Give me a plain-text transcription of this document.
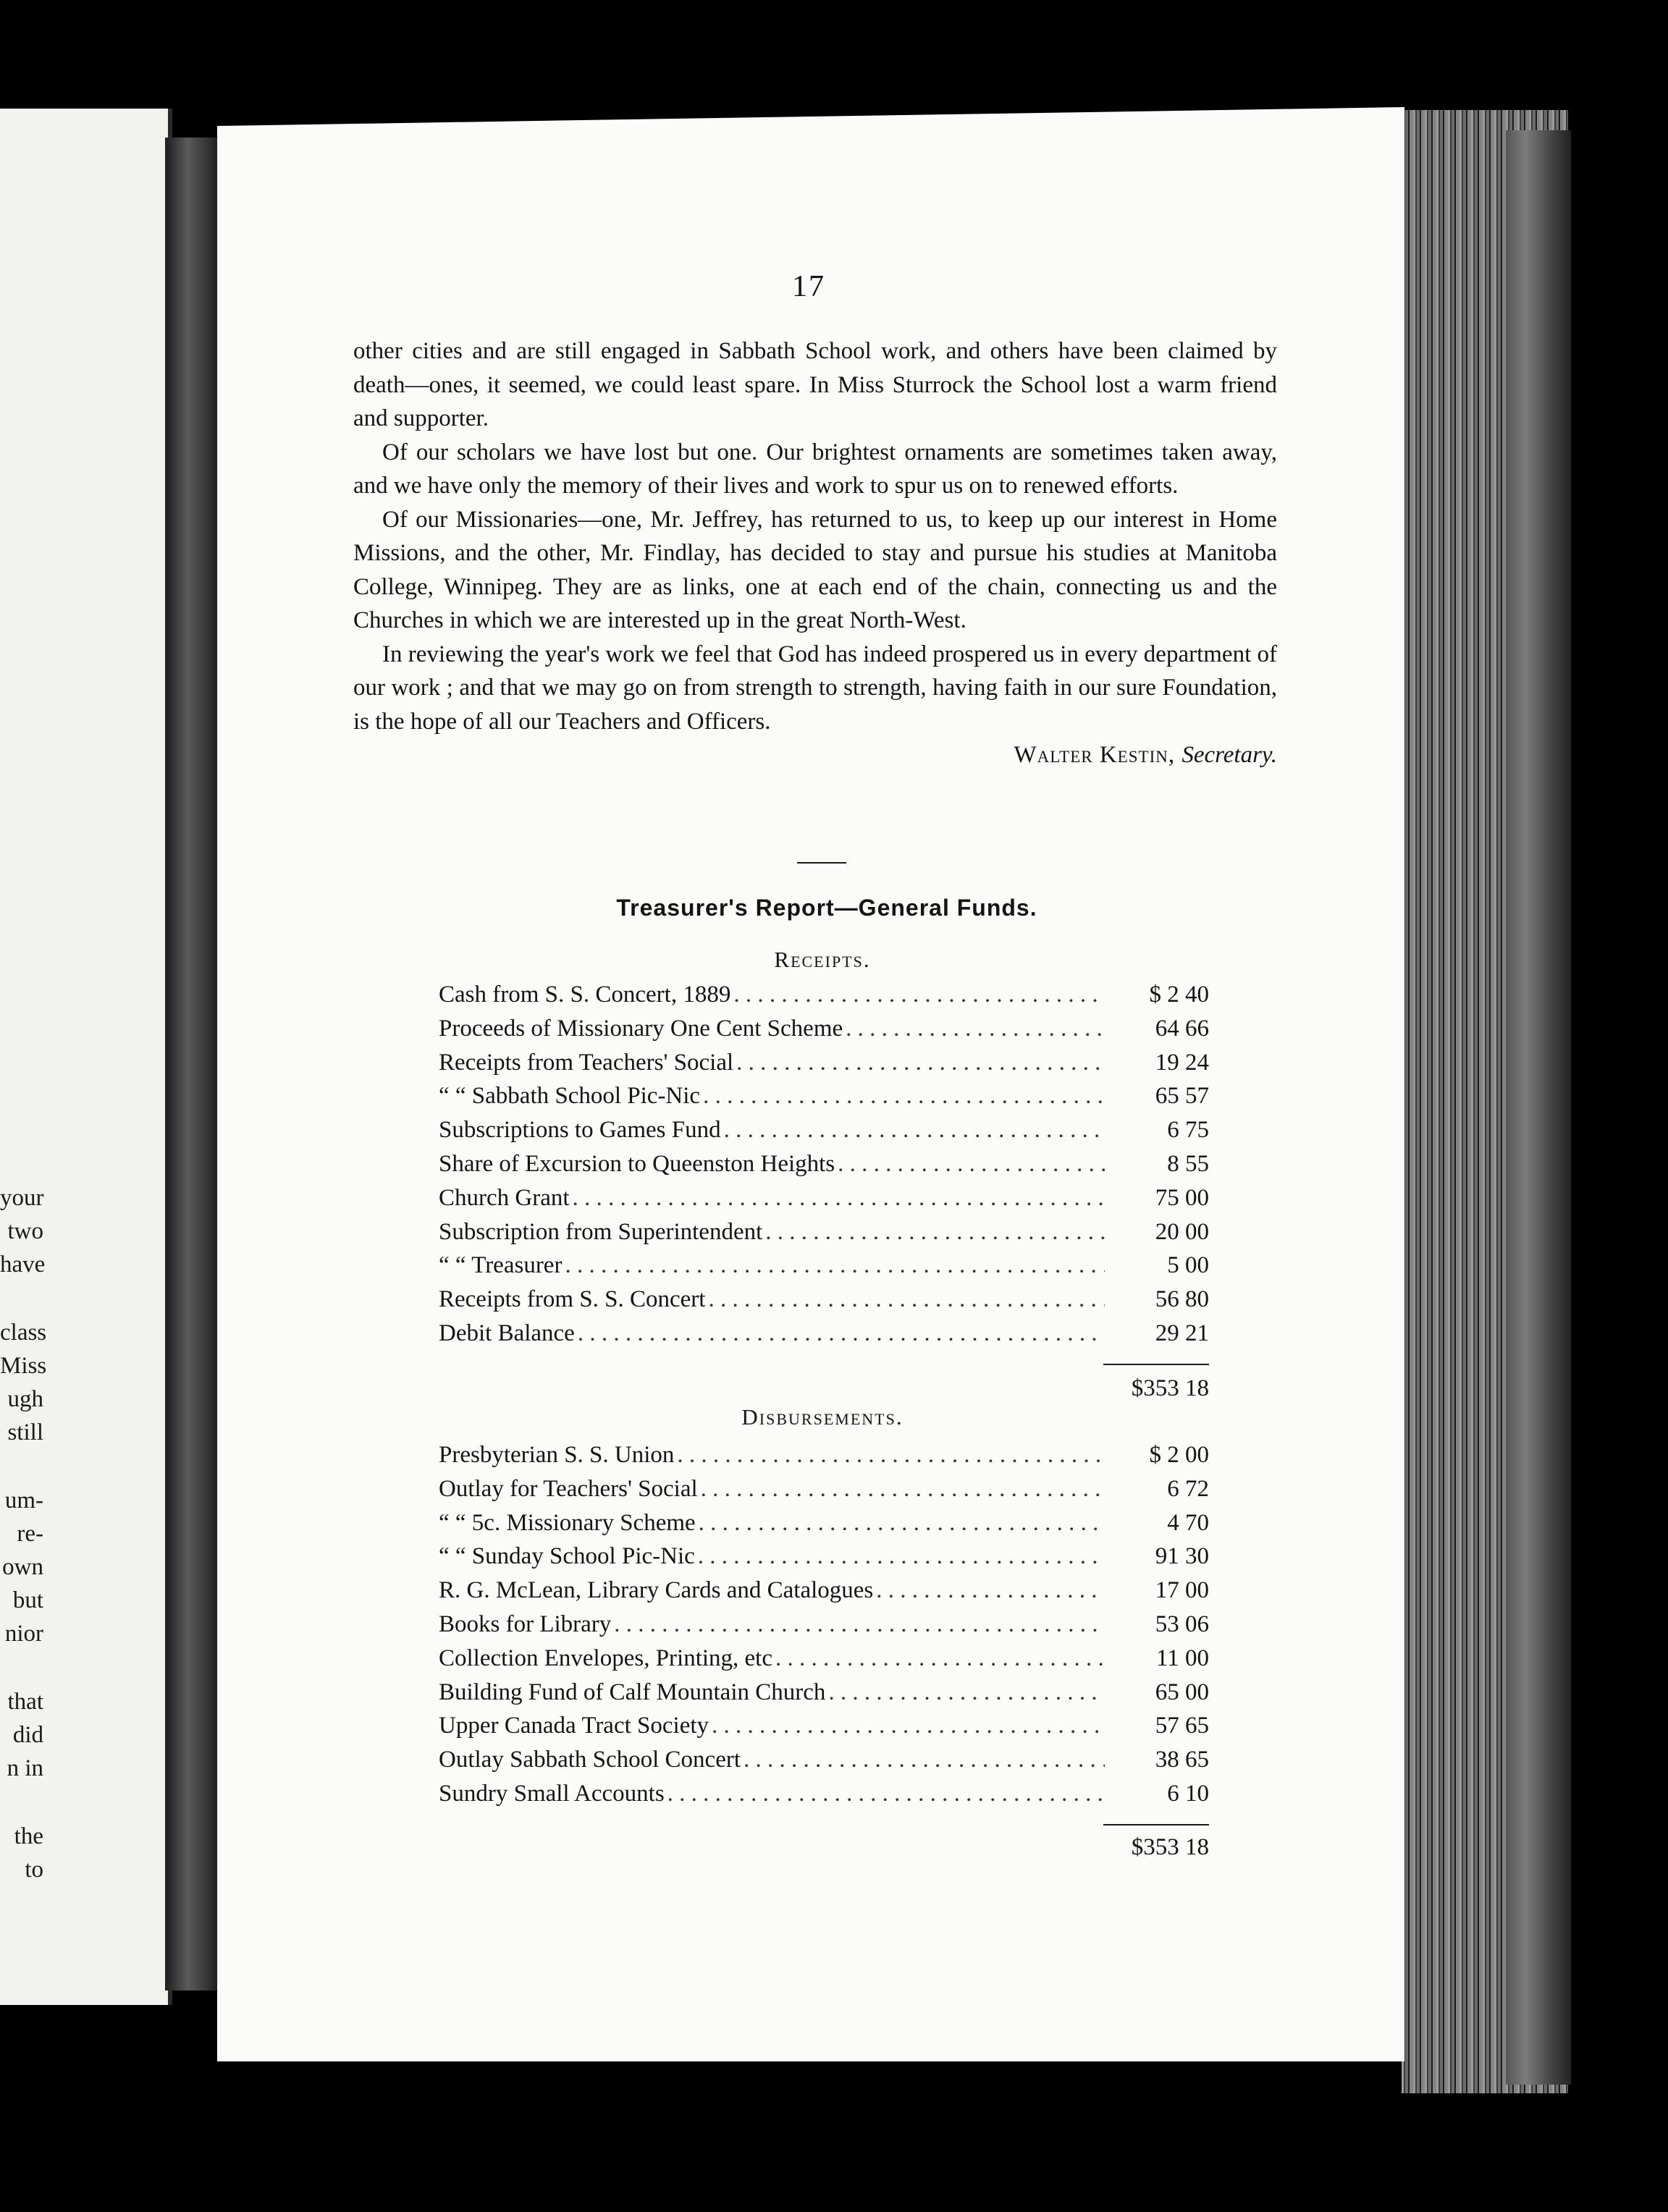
your
two
have
class
Miss
ugh
still
um-
re-
own
but
nior
that
did
n in
the
to
17

other cities and are still engaged in Sabbath School work, and others have been claimed by death—ones, it seemed, we could least spare. In Miss Sturrock the School lost a warm friend and supporter.

Of our scholars we have lost but one. Our brightest ornaments are sometimes taken away, and we have only the memory of their lives and work to spur us on to renewed efforts.

Of our Missionaries—one, Mr. Jeffrey, has returned to us, to keep up our interest in Home Missions, and the other, Mr. Findlay, has decided to stay and pursue his studies at Manitoba College, Winnipeg. They are as links, one at each end of the chain, connecting us and the Churches in which we are interested up in the great North-West.

In reviewing the year's work we feel that God has indeed prospered us in every department of our work ; and that we may go on from strength to strength, having faith in our sure Foundation, is the hope of all our Teachers and Officers.

Walter Kestin, Secretary.

Treasurer's Report—General Funds.
Receipts.
Cash from S. S. Concert, 1889 . . .	$ 2 40
Proceeds of Missionary One Cent Scheme . . .	64 66
Receipts from Teachers' Social . . .	19 24
“ “ Sabbath School Pic-Nic . . .	65 57
Subscriptions to Games Fund . . .	6 75
Share of Excursion to Queenston Heights . . .	8 55
Church Grant . . .	75 00
Subscription from Superintendent . . .	20 00
“ “ Treasurer . . .	5 00
Receipts from S. S. Concert . . .	56 80
Debit Balance . . .	29 21
$353 18
Disbursements.
Presbyterian S. S. Union . . .	$ 2 00
Outlay for Teachers' Social . . .	6 72
“ “ 5c. Missionary Scheme . . .	4 70
“ “ Sunday School Pic-Nic . . .	91 30
R. G. McLean, Library Cards and Catalogues . . .	17 00
Books for Library . . .	53 06
Collection Envelopes, Printing, etc . . .	11 00
Building Fund of Calf Mountain Church . . .	65 00
Upper Canada Tract Society . . .	57 65
Outlay Sabbath School Concert . . .	38 65
Sundry Small Accounts . . .	6 10
$353 18
